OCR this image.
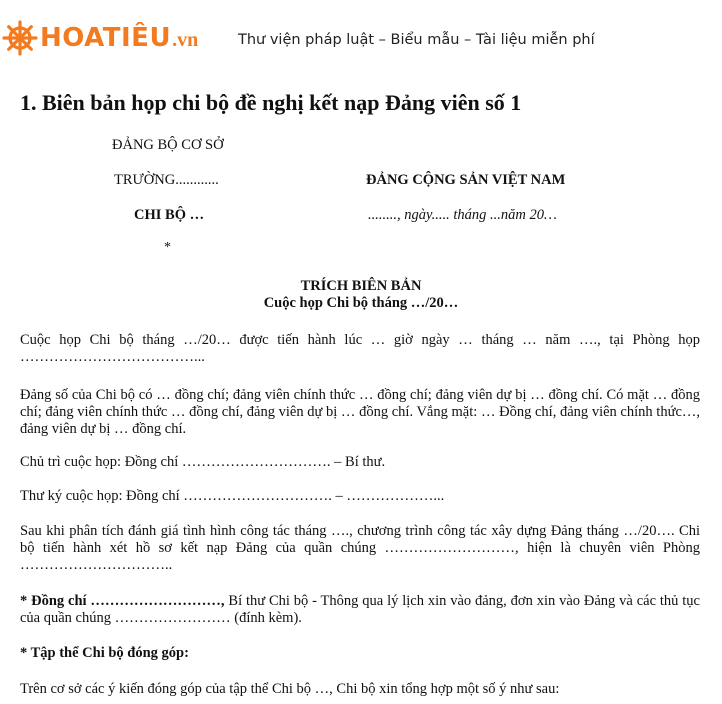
HOATIÊU .vn	Thư viện pháp luật – Biểu mẫu – Tài liệu miễn phí
1. Biên bản họp chi bộ đề nghị kết nạp Đảng viên số 1
ĐẢNG BỘ CƠ SỞ
TRƯỜNG............
CHI BỘ …
*
ĐẢNG CỘNG SẢN VIỆT NAM
........, ngày..... tháng ...năm 20…
TRÍCH BIÊN BẢN
Cuộc họp Chi bộ tháng …/20…
Cuộc họp Chi bộ tháng …/20… được tiến hành lúc … giờ ngày … tháng … năm …., tại Phòng họp ………………………………...
Đảng số của Chi bộ có … đồng chí; đảng viên chính thức … đồng chí; đảng viên dự bị … đồng chí. Có mặt … đồng chí; đảng viên chính thức … đồng chí, đảng viên dự bị … đồng chí. Vắng mặt: … Đồng chí, đảng viên chính thức…, đảng viên dự bị … đồng chí.
Chủ trì cuộc họp: Đồng chí …………………………. – Bí thư.
Thư ký cuộc họp: Đồng chí …………………………. – ………………...
Sau khi phân tích đánh giá tình hình công tác tháng …., chương trình công tác xây dựng Đảng tháng …/20…. Chi bộ tiến hành xét hồ sơ kết nạp Đảng của quần chúng ………………………, hiện là chuyên viên Phòng …………………………..
* Đồng chí ………………………, Bí thư Chi bộ - Thông qua lý lịch xin vào đảng, đơn xin vào Đảng và các thủ tục của quần chúng …………………… (đính kèm).
* Tập thể Chi bộ đóng góp:
Trên cơ sở các ý kiến đóng góp của tập thể Chi bộ …, Chi bộ xin tổng hợp một số ý như sau:
